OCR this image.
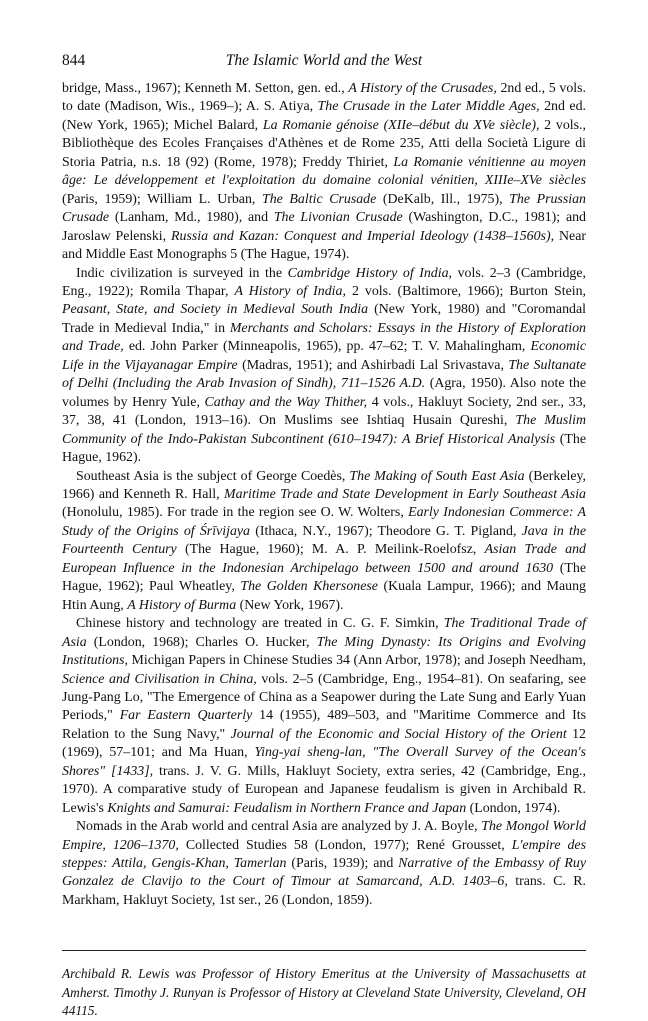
844	The Islamic World and the West

bridge, Mass., 1967); Kenneth M. Setton, gen. ed., A History of the Crusades, 2nd ed., 5 vols. to date (Madison, Wis., 1969–); A. S. Atiya, The Crusade in the Later Middle Ages, 2nd ed. (New York, 1965); Michel Balard, La Romanie génoise (XIIe–début du XVe siècle), 2 vols., Bibliothèque des Ecoles Françaises d'Athènes et de Rome 235, Atti della Società Ligure di Storia Patria, n.s. 18 (92) (Rome, 1978); Freddy Thiriet, La Romanie vénitienne au moyen âge: Le développement et l'exploitation du domaine colonial vénitien, XIIIe–XVe siècles (Paris, 1959); William L. Urban, The Baltic Crusade (DeKalb, Ill., 1975), The Prussian Crusade (Lanham, Md., 1980), and The Livonian Crusade (Washington, D.C., 1981); and Jaroslaw Pelenski, Russia and Kazan: Conquest and Imperial Ideology (1438–1560s), Near and Middle East Monographs 5 (The Hague, 1974).

Indic civilization is surveyed in the Cambridge History of India, vols. 2–3 (Cambridge, Eng., 1922); Romila Thapar, A History of India, 2 vols. (Baltimore, 1966); Burton Stein, Peasant, State, and Society in Medieval South India (New York, 1980) and "Coromandal Trade in Medieval India," in Merchants and Scholars: Essays in the History of Exploration and Trade, ed. John Parker (Minneapolis, 1965), pp. 47–62; T. V. Mahalingham, Economic Life in the Vijayanagar Empire (Madras, 1951); and Ashirbadi Lal Srivastava, The Sultanate of Delhi (Including the Arab Invasion of Sindh), 711–1526 A.D. (Agra, 1950). Also note the volumes by Henry Yule, Cathay and the Way Thither, 4 vols., Hakluyt Society, 2nd ser., 33, 37, 38, 41 (London, 1913–16). On Muslims see Ishtiaq Husain Qureshi, The Muslim Community of the Indo-Pakistan Subcontinent (610–1947): A Brief Historical Analysis (The Hague, 1962).

Southeast Asia is the subject of George Coedès, The Making of South East Asia (Berkeley, 1966) and Kenneth R. Hall, Maritime Trade and State Development in Early Southeast Asia (Honolulu, 1985). For trade in the region see O. W. Wolters, Early Indonesian Commerce: A Study of the Origins of Śrīvijaya (Ithaca, N.Y., 1967); Theodore G. T. Pigland, Java in the Fourteenth Century (The Hague, 1960); M. A. P. Meilink-Roelofsz, Asian Trade and European Influence in the Indonesian Archipelago between 1500 and around 1630 (The Hague, 1962); Paul Wheatley, The Golden Khersonese (Kuala Lampur, 1966); and Maung Htin Aung, A History of Burma (New York, 1967).

Chinese history and technology are treated in C. G. F. Simkin, The Traditional Trade of Asia (London, 1968); Charles O. Hucker, The Ming Dynasty: Its Origins and Evolving Institutions, Michigan Papers in Chinese Studies 34 (Ann Arbor, 1978); and Joseph Needham, Science and Civilisation in China, vols. 2–5 (Cambridge, Eng., 1954–81). On seafaring, see Jung-Pang Lo, "The Emergence of China as a Seapower during the Late Sung and Early Yuan Periods," Far Eastern Quarterly 14 (1955), 489–503, and "Maritime Commerce and Its Relation to the Sung Navy," Journal of the Economic and Social History of the Orient 12 (1969), 57–101; and Ma Huan, Ying-yai sheng-lan, "The Overall Survey of the Ocean's Shores" [1433], trans. J. V. G. Mills, Hakluyt Society, extra series, 42 (Cambridge, Eng., 1970). A comparative study of European and Japanese feudalism is given in Archibald R. Lewis's Knights and Samurai: Feudalism in Northern France and Japan (London, 1974).

Nomads in the Arab world and central Asia are analyzed by J. A. Boyle, The Mongol World Empire, 1206–1370, Collected Studies 58 (London, 1977); René Grousset, L'empire des steppes: Attila, Gengis-Khan, Tamerlan (Paris, 1939); and Narrative of the Embassy of Ruy Gonzalez de Clavijo to the Court of Timour at Samarcand, A.D. 1403–6, trans. C. R. Markham, Hakluyt Society, 1st ser., 26 (London, 1859).

Archibald R. Lewis was Professor of History Emeritus at the University of Massachusetts at Amherst. Timothy J. Runyan is Professor of History at Cleveland State University, Cleveland, OH 44115.
